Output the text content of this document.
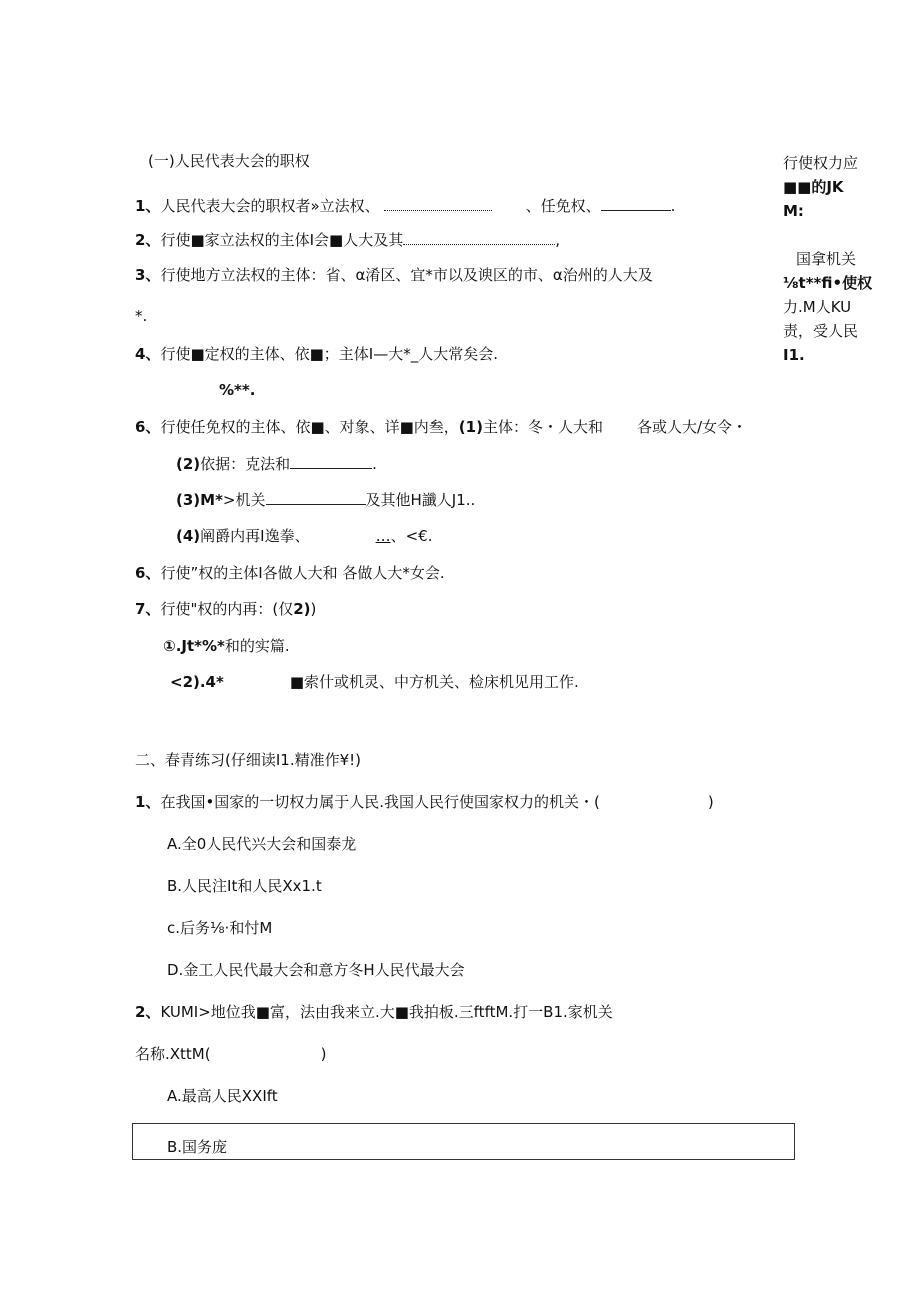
(一)人民代表大会的职权
1、人民代表大会的职权者»立法权、	、任免权、	.
2、行使■家立法权的主体I会■人大及其	,
3、行使地方立法权的主体：省、α淆区、宜*市以及谀区的市、α治州的人大及
*.
4、行使■定权的主体、依■；主体I—大*_人大常矣会.
%**.
6、行使任免权的主体、依■、对象、详■内叁，(1)主体：冬・人大和 各或人大/女令・
(2)依据：克法和	.
(3)M*>机关	及其他H讖人J1..
(4)阐爵内再I逸拳、	…、<€.
6、行使”权的主体I各做人大和 各做人大*女会.
7、行使"权的内再：(仅2))
①.Jt*%*和的实篇.
<2).4*	■索什或机灵、中方机关、检床机见用工作.
行使权力应
■■的JK
M:
国拿机关
⅛t**fi•使权
力.M人KU
责，受人民
I1.
二、春青练习(仔细读I1.精准作¥!)
1、在我国•国家的一切权力属于人民.我国人民行使国家权力的机关・(	)
A.全0人民代兴大会和国泰龙
B.人民注It和人民Xx1.t
c.后务⅛·和忖M
D.金工人民代最大会和意方冬H人民代最大会
2、KUMI>地位我■富，法由我来立.大■我拍板.三ftftM.打一B1.家机关
名称.XttM(	)
A.最高人民XXIft
B.国务庞
